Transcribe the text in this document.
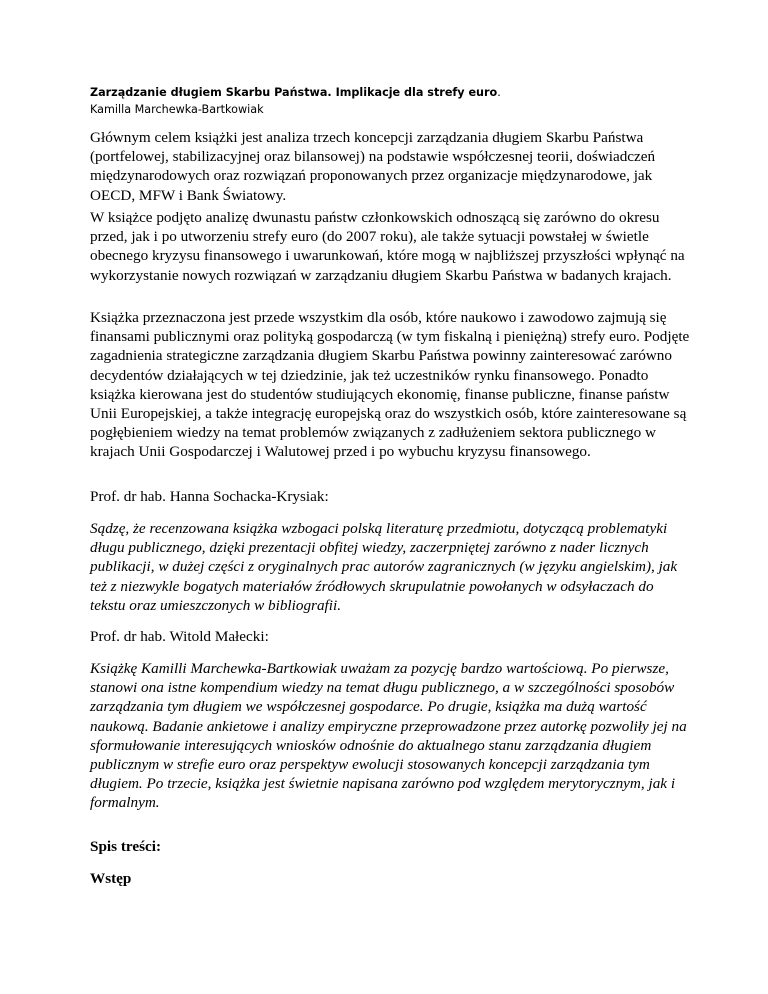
Zarządzanie długiem Skarbu Państwa. Implikacje dla strefy euro.
Kamilla Marchewka-Bartkowiak

Głównym celem książki jest analiza trzech koncepcji zarządzania długiem Skarbu Państwa (portfelowej, stabilizacyjnej oraz bilansowej) na podstawie współczesnej teorii, doświadczeń międzynarodowych oraz rozwiązań proponowanych przez organizacje międzynarodowe, jak OECD, MFW i Bank Światowy.

W książce podjęto analizę dwunastu państw członkowskich odnoszącą się zarówno do okresu przed, jak i po utworzeniu strefy euro (do 2007 roku), ale także sytuacji powstałej w świetle obecnego kryzysu finansowego i uwarunkowań, które mogą w najbliższej przyszłości wpłynąć na wykorzystanie nowych rozwiązań w zarządzaniu długiem Skarbu Państwa w badanych krajach.

Książka przeznaczona jest przede wszystkim dla osób, które naukowo i zawodowo zajmują się finansami publicznymi oraz polityką gospodarczą (w tym fiskalną i pieniężną) strefy euro. Podjęte zagadnienia strategiczne zarządzania długiem Skarbu Państwa powinny zainteresować zarówno decydentów działających w tej dziedzinie, jak też uczestników rynku finansowego. Ponadto książka kierowana jest do studentów studiujących ekonomię, finanse publiczne, finanse państw Unii Europejskiej, a także integrację europejską oraz do wszystkich osób, które zainteresowane są pogłębieniem wiedzy na temat problemów związanych z zadłużeniem sektora publicznego w krajach Unii Gospodarczej i Walutowej przed i po wybuchu kryzysu finansowego.

Prof. dr hab. Hanna Sochacka-Krysiak:

Sądzę, że recenzowana książka wzbogaci polską literaturę przedmiotu, dotyczącą problematyki długu publicznego, dzięki prezentacji obfitej wiedzy, zaczerpniętej zarówno z nader licznych publikacji, w dużej części z oryginalnych prac autorów zagranicznych (w języku angielskim), jak też z niezwykle bogatych materiałów źródłowych skrupulatnie powołanych w odsyłaczach do tekstu oraz umieszczonych w bibliografii.

Prof. dr hab. Witold Małecki:

Książkę Kamilli Marchewka-Bartkowiak uważam za pozycję bardzo wartościową. Po pierwsze, stanowi ona istne kompendium wiedzy na temat długu publicznego, a w szczególności sposobów zarządzania tym długiem we współczesnej gospodarce. Po drugie, książka ma dużą wartość naukową. Badanie ankietowe i analizy empiryczne przeprowadzone przez autorkę pozwoliły jej na sformułowanie interesujących wniosków odnośnie do aktualnego stanu zarządzania długiem publicznym w strefie euro oraz perspektyw ewolucji stosowanych koncepcji zarządzania tym długiem. Po trzecie, książka jest świetnie napisana zarówno pod względem merytorycznym, jak i formalnym.

Spis treści:

Wstęp
